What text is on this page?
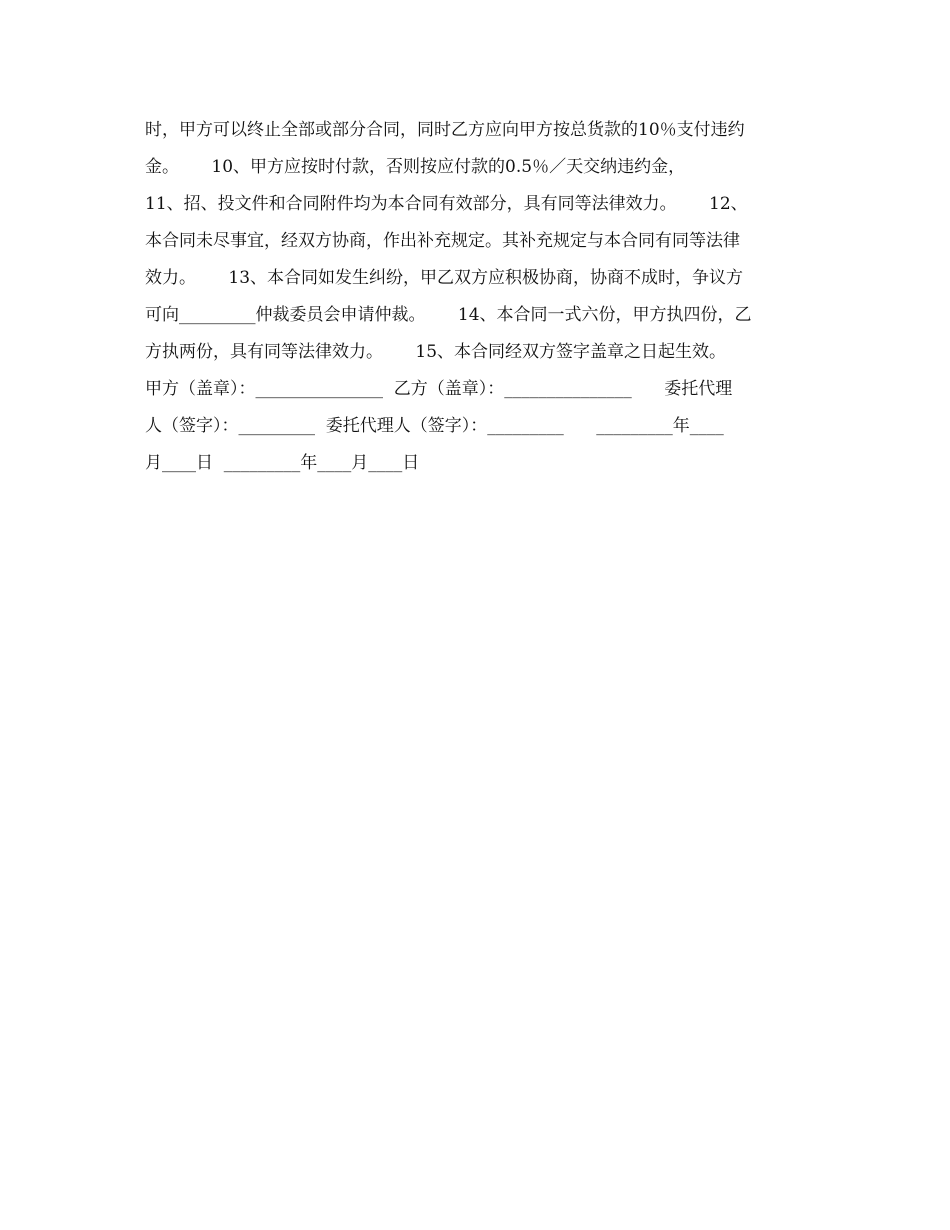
时，甲方可以终止全部或部分合同，同时乙方应向甲方按总货款的10％支付违约
金。      10、甲方应按时付款，否则按应付款的0.5％／天交纳违约金，
11、招、投文件和合同附件均为本合同有效部分，具有同等法律效力。      12、
本合同未尽事宜，经双方协商，作出补充规定。其补充规定与本合同有同等法律
效力。      13、本合同如发生纠纷，甲乙双方应积极协商，协商不成时，争议方
可向_________仲裁委员会申请仲裁。      14、本合同一式六份，甲方执四份，乙
方执两份，具有同等法律效力。      15、本合同经双方签字盖章之日起生效。
甲方（盖章）：_______________  乙方（盖章）：_______________      委托代理
人（签字）：_________  委托代理人（签字）：_________      _________年____
月____日  _________年____月____日
